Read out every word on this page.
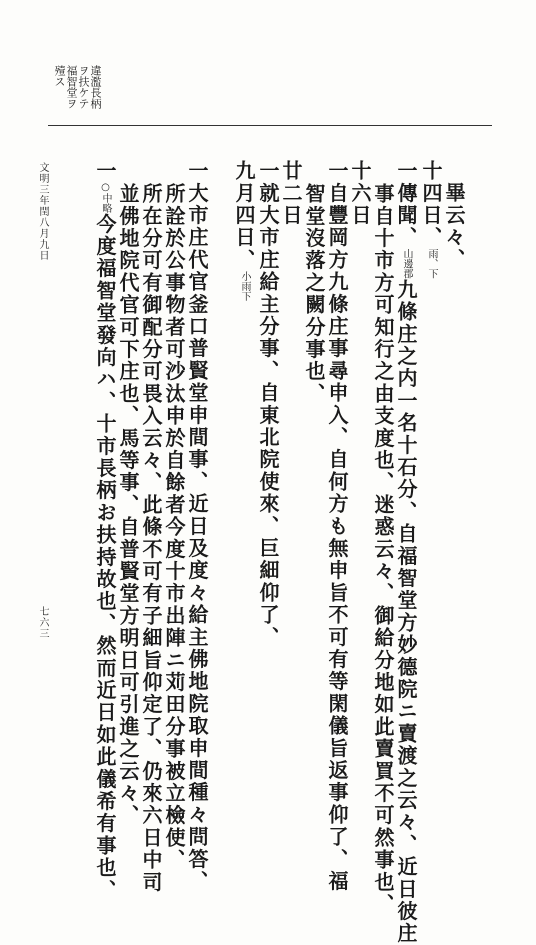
違濫長柄
ヲ扶ケテ
福智堂ヲ
殪ス
畢云々、
十四日、雨、下
一傳聞、山邊郡九條庄之内一名十石分、自福智堂方妙德院ニ賣渡之云々、近日彼庄
事自十市方可知行之由支度也、迷惑云々、御給分地如此賣買不可然事也、
十六日
一自豐岡方九條庄事尋申入、自何方も無申旨不可有等閑儀旨返事仰了、福
智堂沒落之闕分事也、
廿二日
一就大市庄給主分事、自東北院使來、巨細仰了、
九月四日、小雨下
一大市庄代官釜口普賢堂申間事、近日及度々給主佛地院取申間種々問答、
所詮於公事物者可沙汰申於自餘者今度十市出陣ニ苅田分事被立檢使、
所在分可有御配分可畏入云々、此條不可有子細旨仰定了、仍來六日中司
並佛地院代官可下庄也、馬等事、自普賢堂方明日可引進之云々、
一○中略今度福智堂發向ハ、十市長柄お扶持故也、然而近日如此儀希有事也、
文明三年閏八月九日
七六三
